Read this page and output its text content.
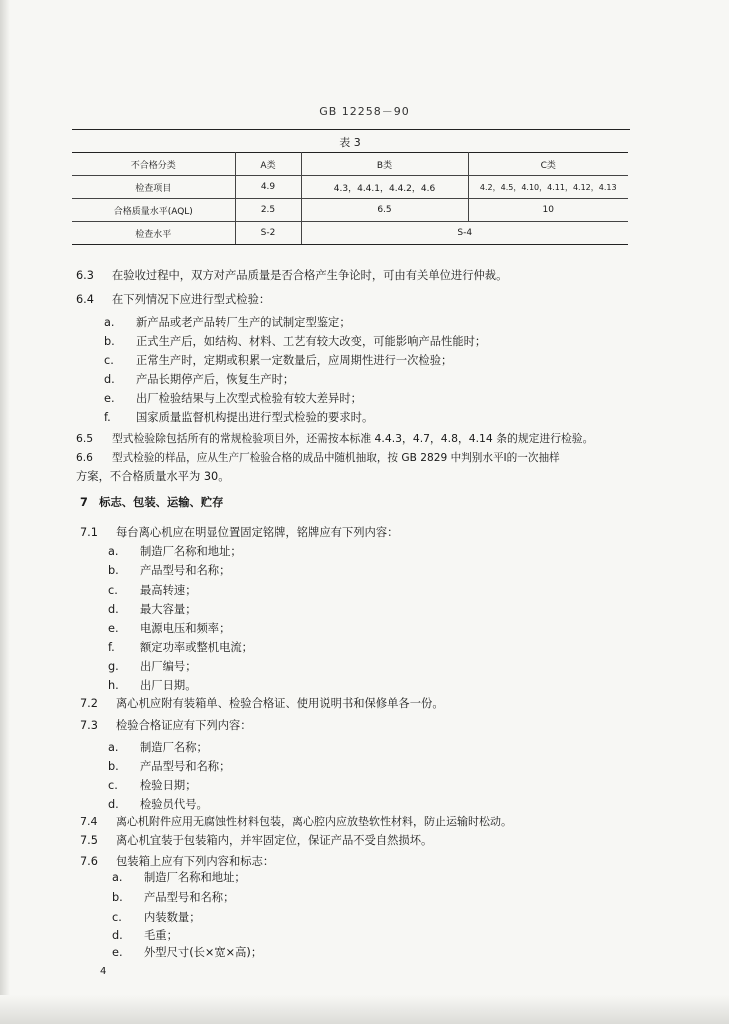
GB 12258－90
表 3
不合格分类	A类	B类	C类
检查项目	4.9	4.3，4.4.1，4.4.2，4.6	4.2，4.5，4.10，4.11，4.12，4.13
合格质量水平(AQL)	2.5	6.5	10
检查水平	S-2	S-4	
6.3 在验收过程中，双方对产品质量是否合格产生争论时，可由有关单位进行仲裁。
6.4 在下列情况下应进行型式检验：
a. 新产品或老产品转厂生产的试制定型鉴定；
b. 正式生产后，如结构、材料、工艺有较大改变，可能影响产品性能时；
c. 正常生产时，定期或积累一定数量后，应周期性进行一次检验；
d. 产品长期停产后，恢复生产时；
e. 出厂检验结果与上次型式检验有较大差异时；
f. 国家质量监督机构提出进行型式检验的要求时。
6.5 型式检验除包括所有的常规检验项目外，还需按本标准 4.4.3，4.7，4.8，4.14 条的规定进行检验。
6.6 型式检验的样品，应从生产厂检验合格的成品中随机抽取，按 GB 2829 中判别水平Ⅰ的一次抽样
方案，不合格质量水平为 30。
7　标志、包装、运输、贮存
7.1 每台离心机应在明显位置固定铭牌，铭牌应有下列内容：
a. 制造厂名称和地址；
b. 产品型号和名称；
c. 最高转速；
d. 最大容量；
e. 电源电压和频率；
f. 额定功率或整机电流；
g. 出厂编号；
h. 出厂日期。
7.2 离心机应附有装箱单、检验合格证、使用说明书和保修单各一份。
7.3 检验合格证应有下列内容：
a. 制造厂名称；
b. 产品型号和名称；
c. 检验日期；
d. 检验员代号。
7.4 离心机附件应用无腐蚀性材料包装，离心腔内应放垫软性材料，防止运输时松动。
7.5 离心机宜装于包装箱内，并牢固定位，保证产品不受自然损坏。
7.6 包装箱上应有下列内容和标志：
a. 制造厂名称和地址；
b. 产品型号和名称；
c. 内装数量；
d. 毛重；
e. 外型尺寸(长×宽×高)；
4
